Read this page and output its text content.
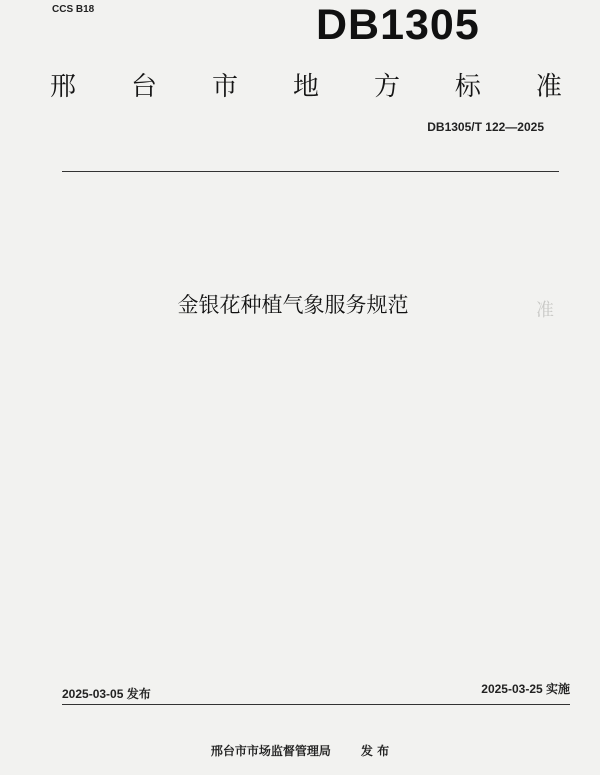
准
CCS B18	DB1305
邢 台 市 地 方 标 准
DB1305/T 122—2025
金银花种植气象服务规范
2025-03-05 发布	2025-03-25 实施
邢台市市场监督管理局	发 布
